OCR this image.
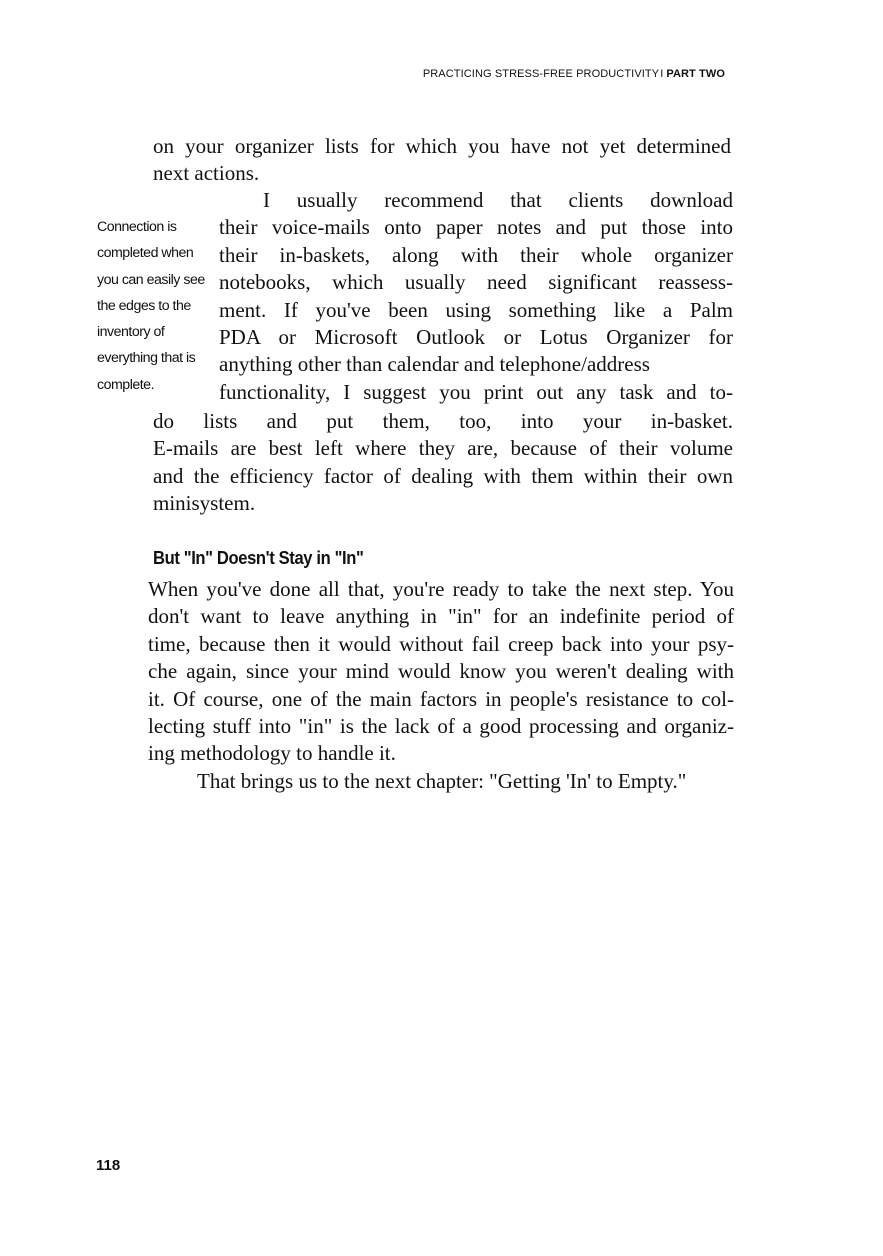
PRACTICING STRESS-FREE PRODUCTIVITYI PART TWO
on your organizer lists for which you have not yet determined
next actions.
I usually recommend that clients download
their voice-mails onto paper notes and put those into
their in-baskets, along with their whole organizer
notebooks, which usually need significant reassess-
ment. If you've been using something like a Palm
PDA or Microsoft Outlook or Lotus Organizer for
anything other than calendar and telephone/address
functionality, I suggest you print out any task and to-
Connection is
completed when
you can easily see
the edges to the
inventory of
everything that is
complete.
do lists and put them, too, into your in-basket.
E-mails are best left where they are, because of their volume
and the efficiency factor of dealing with them within their own
minisystem.
But "In" Doesn't Stay in "In"
When you've done all that, you're ready to take the next step. You
don't want to leave anything in "in" for an indefinite period of
time, because then it would without fail creep back into your psy-
che again, since your mind would know you weren't dealing with
it. Of course, one of the main factors in people's resistance to col-
lecting stuff into "in" is the lack of a good processing and organiz-
ing methodology to handle it.
That brings us to the next chapter: "Getting 'In' to Empty."
118
